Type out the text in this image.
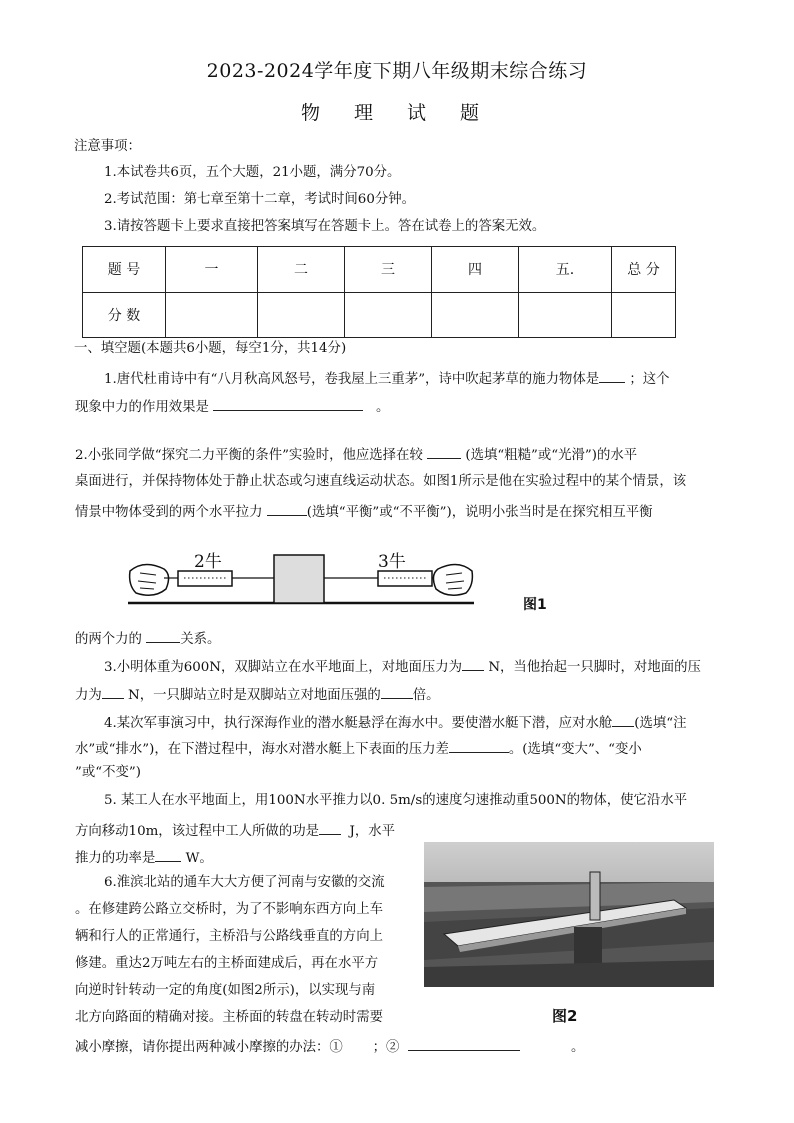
2023-2024学年度下期八年级期末综合练习
物 理 试 题
注意事项：
1.本试卷共6页，五个大题，21小题，满分70分。
2.考试范围：第七章至第十二章，考试时间60分钟。
3.请按答题卡上要求直接把答案填写在答题卡上。答在试卷上的答案无效。
题 号	一	二	三	四	五.	总 分
分 数						
一、填空题(本题共6小题，每空1分，共14分)
1.唐代杜甫诗中有“八月秋高风怒号，卷我屋上三重茅”，诗中吹起茅草的施力物体是 ；这个
现象中力的作用效果是	。
2.小张同学做“探究二力平衡的条件”实验时，他应选择在较	(选填“粗糙”或“光滑”)的水平
桌面进行，并保持物体处于静止状态或匀速直线运动状态。如图1所示是他在实验过程中的某个情景，该
情景中物体受到的两个水平拉力	(选填“平衡”或“不平衡”)，说明小张当时是在探究相互平衡
2牛	3牛
图1
的两个力的	关系。
3.小明体重为600N，双脚站立在水平地面上，对地面压力为 N，当他抬起一只脚时，对地面的压
力为 N，一只脚站立时是双脚站立对地面压强的 倍。
4.某次军事演习中，执行深海作业的潜水艇悬浮在海水中。要使潜水艇下潜，应对水舱 (选填“注
水”或“排水”)，在下潜过程中，海水对潜水艇上下表面的压力差	。(选填“变大”、“变小
”或“不变”)
5. 某工人在水平地面上，用100N水平推力以0. 5m/s的速度匀速推动重500N的物体，使它沿水平
方向移动10m，该过程中工人所做的功是 J，水平
推力的功率是 W。
6.淮滨北站的通车大大方便了河南与安徽的交流
。在修建跨公路立交桥时，为了不影响东西方向上车
辆和行人的正常通行，主桥沿与公路线垂直的方向上
修建。重达2万吨左右的主桥面建成后，再在水平方
向逆时针转动一定的角度(如图2所示)，以实现与南
北方向路面的精确对接。主桥面的转盘在转动时需要
减小摩擦，请你提出两种减小摩擦的办法：① ；②	。
图2
